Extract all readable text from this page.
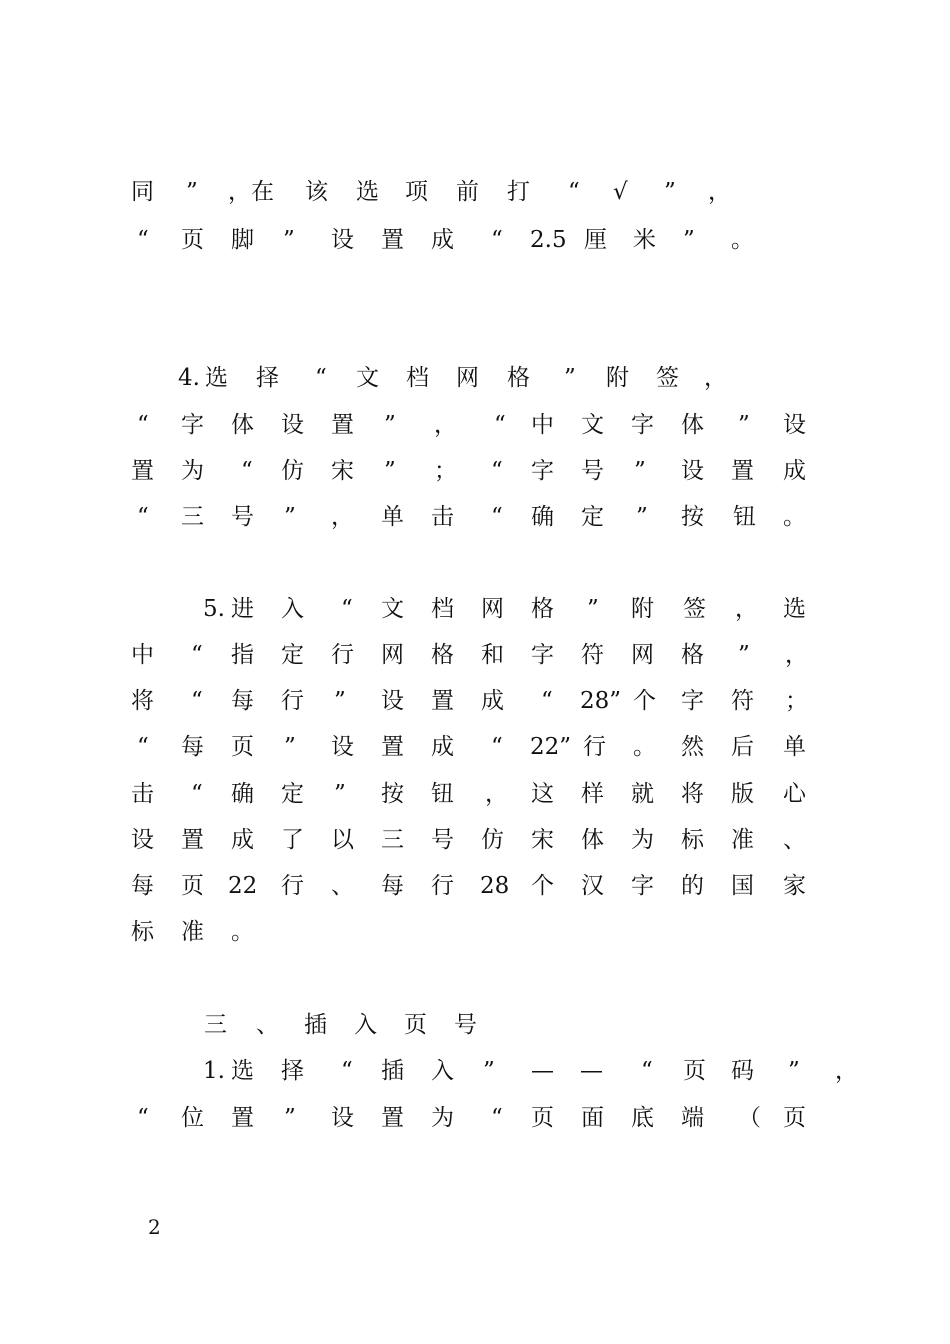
同 ” ，在 该 选 项 前 打 “ √ ” ，
“ 页 脚 ” 设 置 成 “ 2.5 厘 米 ” 。
4. 选 择 “ 文 档 网 格 ” 附 签 ，
“ 字 体 设 置 ” ， “ 中 文 字 体 ” 设
置 为 “ 仿 宋 ” ； “ 字 号 ” 设 置 成
“ 三 号 ” ， 单 击 “ 确 定 ” 按 钮 。
5. 进 入 “ 文 档 网 格 ” 附 签 ， 选
中 “ 指 定 行 网 格 和 字 符 网 格 ” ，
将 “ 每 行 ” 设 置 成 “ 28” 个 字 符 ；
“ 每 页 ” 设 置 成 “ 22” 行 。 然 后 单
击 “ 确 定 ” 按 钮 ， 这 样 就 将 版 心
设 置 成 了 以 三 号 仿 宋 体 为 标 准 、
每 页 22 行 、 每 行 28 个 汉 字 的 国 家
标 准 。
三 、 插 入 页 号
1. 选 择 “ 插 入 ” — — “ 页 码 ” ，
“ 位 置 ” 设 置 为 “ 页 面 底 端 （ 页
2
